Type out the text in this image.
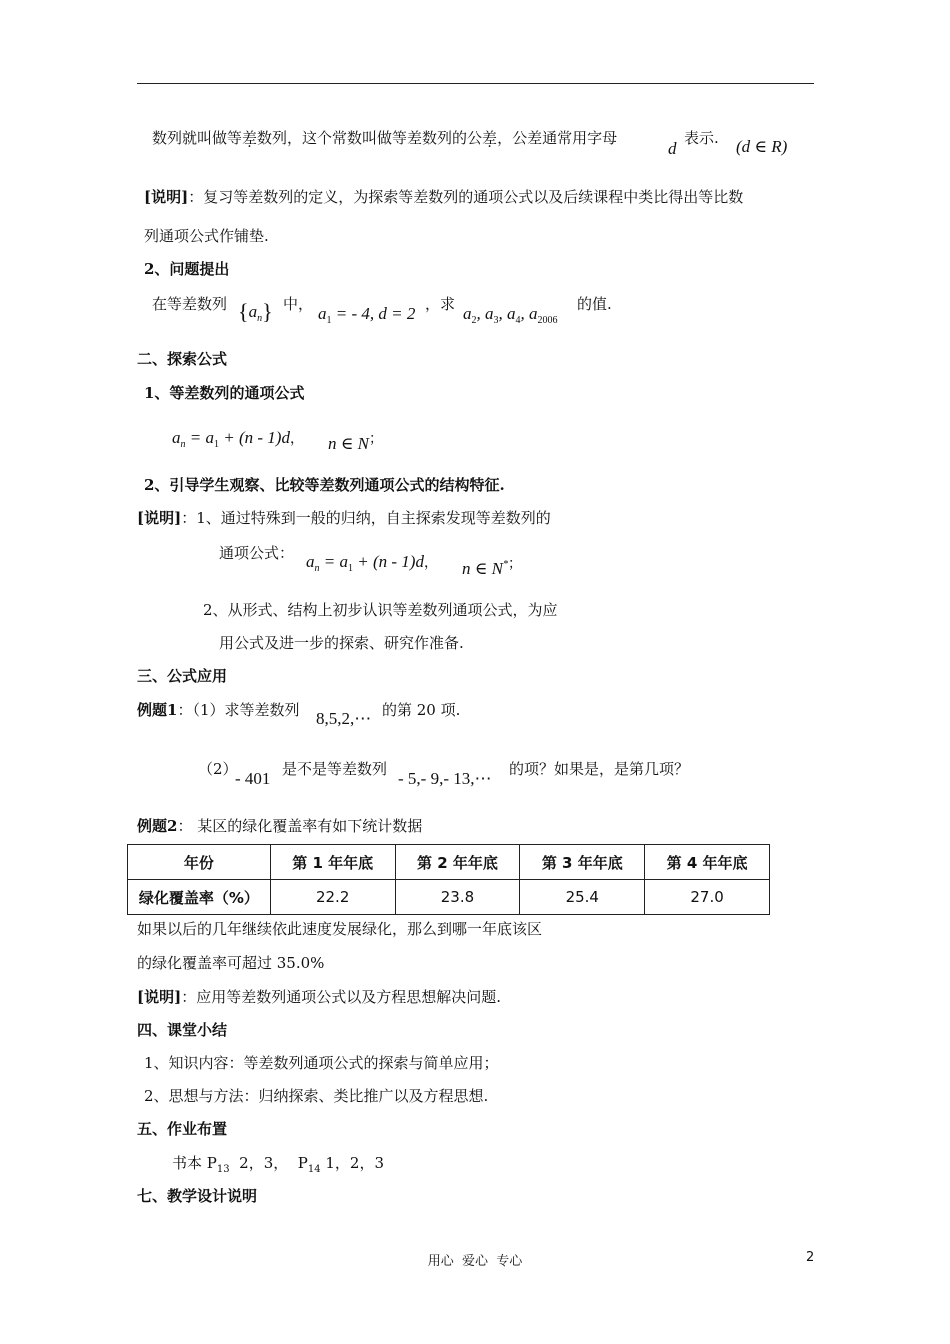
数列就叫做等差数列，这个常数叫做等差数列的公差，公差通常用字母
d
表示. (d ∈ R)
[说明]：复习等差数列的定义，为探索等差数列的通项公式以及后续课程中类比得出等比数
列通项公式作铺垫.
2、问题提出
在等差数列 $\{a_n\}$ 中， $a_1$ = - 4, d = 2 ，求 $a_2$, $a_3$, $a_4$, $a_{2006}$
的值.
二、探索公式
1、等差数列的通项公式
$a_n = a_1 + (n - 1)d$， n ∈ N；
2、引导学生观察、比较等差数列通项公式的结构特征.
[说明]：1、通过特殊到一般的归纳，自主探索发现等差数列的
通项公式： $a_n = a_1 + (n - 1)d$， n ∈ N*；
2、从形式、结构上初步认识等差数列通项公式，为应
用公式及进一步的探索、研究作准备.
三、公式应用
例题1：（1）求等差数列 8,5,2,⋯ 的第 20 项.
（2）
- 401 是不是等差数列 - 5,- 9,- 13,⋯ 的项？如果是，是第几项？
例题2： 某区的绿化覆盖率有如下统计数据
年份	第 1 年年底	第 2 年年底	第 3 年年底	第 4 年年底
绿化覆盖率（%）	22.2	23.8	25.4	27.0
如果以后的几年继续依此速度发展绿化，那么到哪一年底该区
的绿化覆盖率可超过 35.0%
[说明]：应用等差数列通项公式以及方程思想解决问题.
四、课堂小结
1、知识内容：等差数列通项公式的探索与简单应用；
2、思想与方法：归纳探索、类比推广以及方程思想.
五、作业布置
书本 $P_{13}$  2，3，  $P_{14}$ 1，2，3
七、教学设计说明
用心  爱心  专心	2
